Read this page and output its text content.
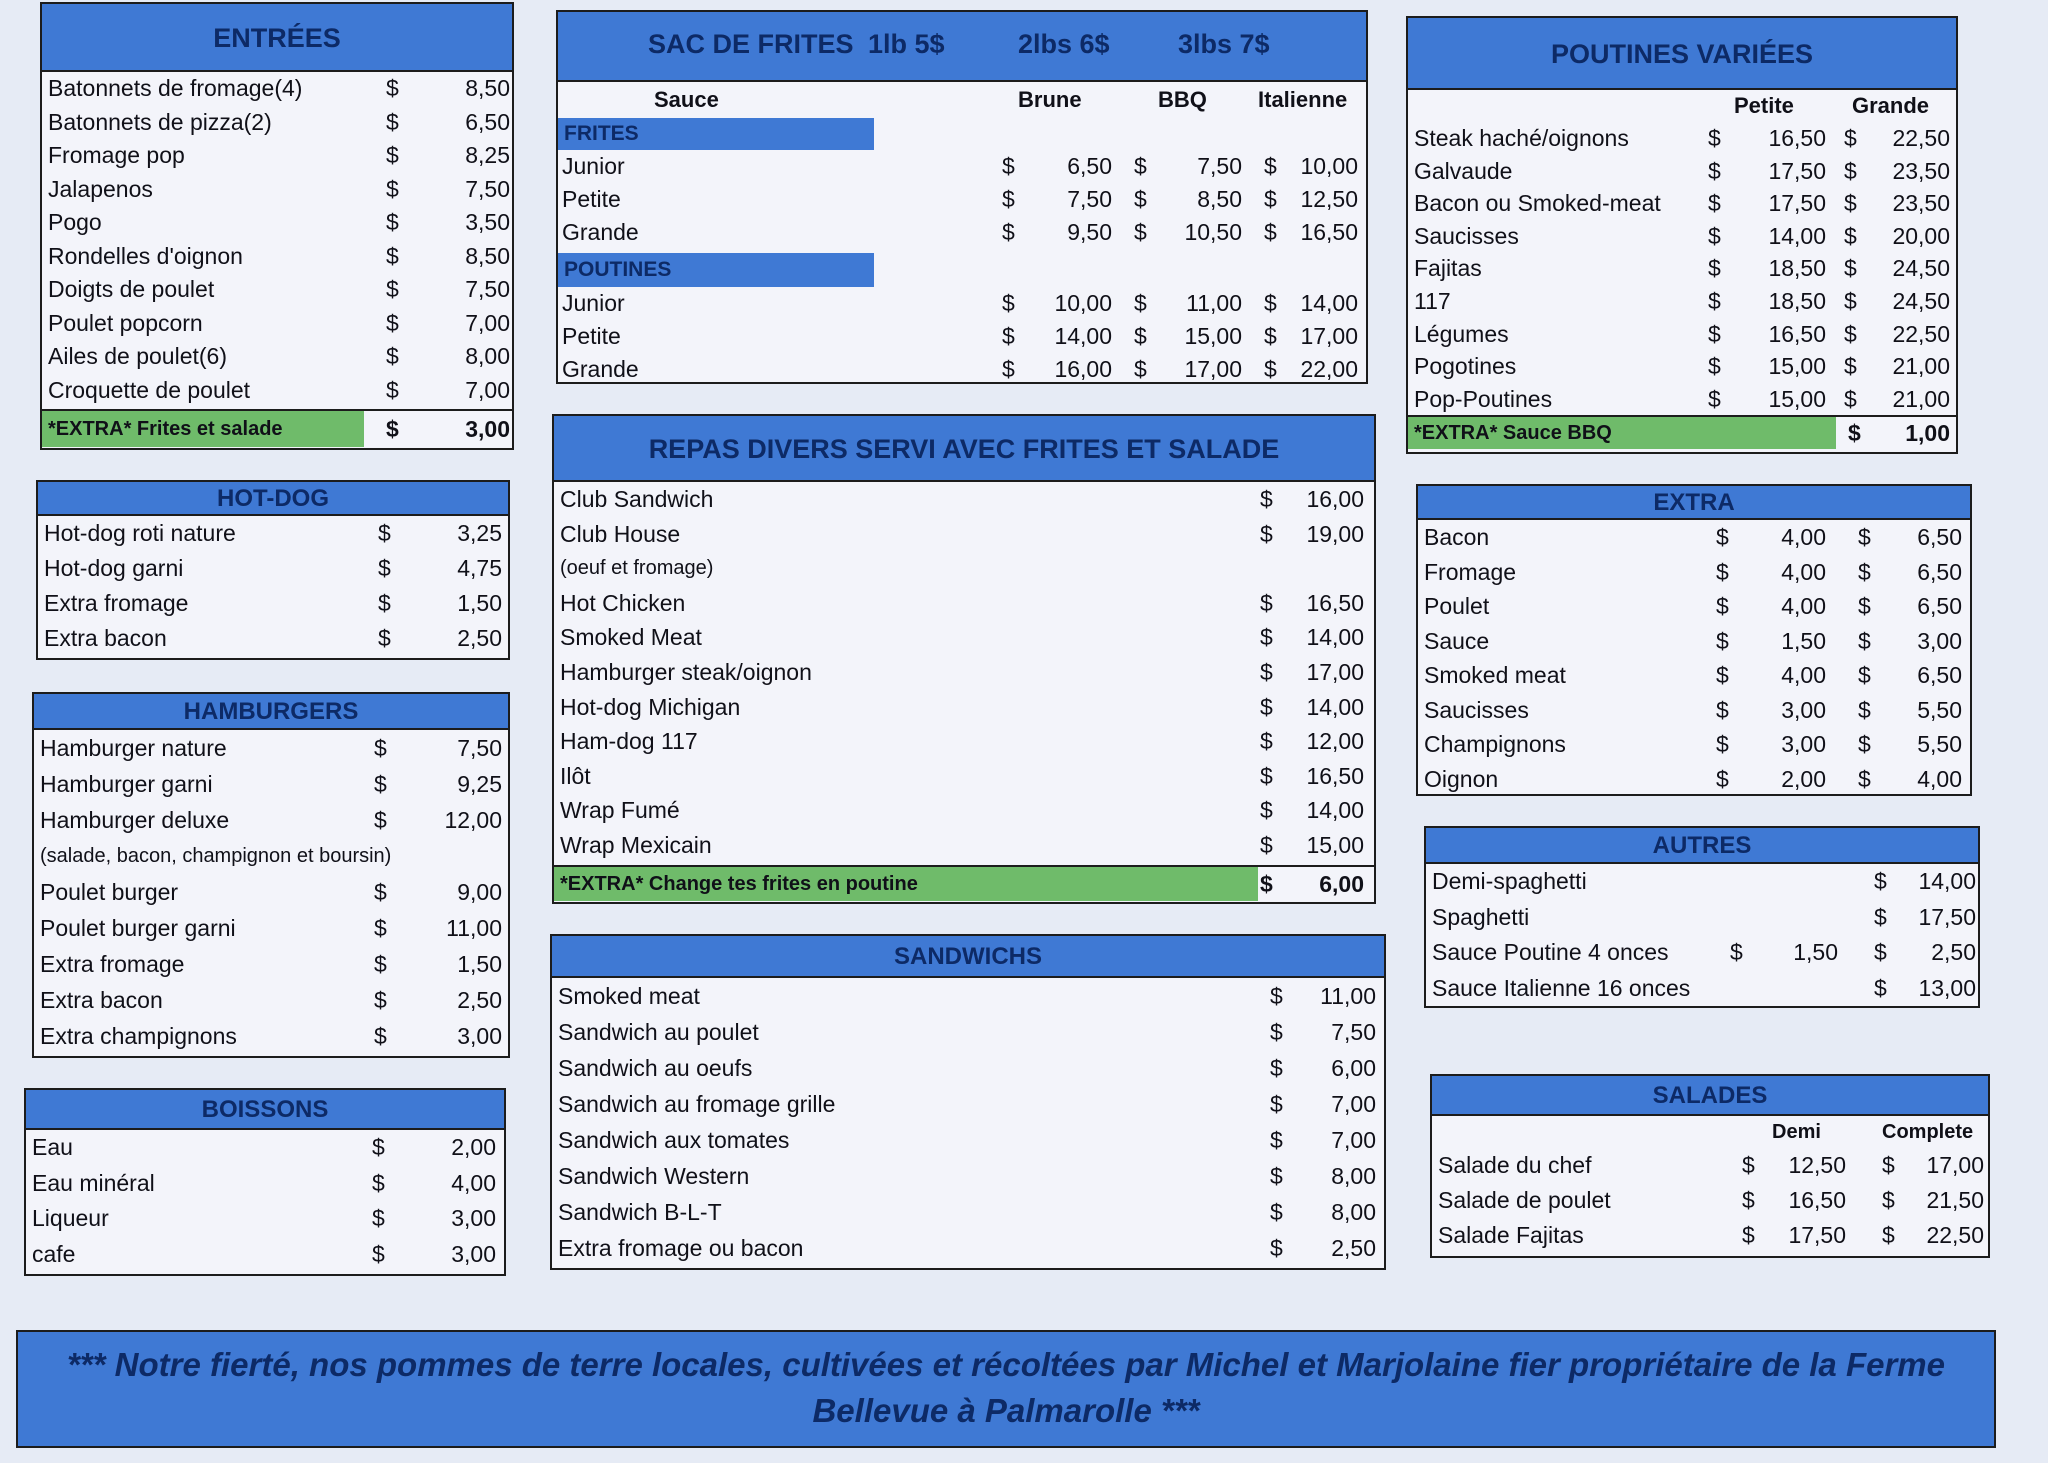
ENTRÉES
Batonnets de fromage(4)	$	8,50
Batonnets de pizza(2)	$	6,50
Fromage pop	$	8,25
Jalapenos	$	7,50
Pogo	$	3,50
Rondelles d'oignon	$	8,50
Doigts de poulet	$	7,50
Poulet popcorn	$	7,00
Ailes de poulet(6)	$	8,00
Croquette de poulet	$	7,00
*EXTRA* Frites et salade	$	3,00
HOT-DOG
Hot-dog roti nature	$	3,25
Hot-dog garni	$	4,75
Extra fromage	$	1,50
Extra bacon	$	2,50
HAMBURGERS
Hamburger nature	$	7,50
Hamburger garni	$	9,25
Hamburger deluxe	$	12,00
(salade, bacon, champignon et boursin)
Poulet burger	$	9,00
Poulet burger garni	$	11,00
Extra fromage	$	1,50
Extra bacon	$	2,50
Extra champignons	$	3,00
BOISSONS
Eau	$	2,00
Eau minéral	$	4,00
Liqueur	$	3,00
cafe	$	3,00
SAC DE FRITES 1lb 5$	2lbs 6$	3lbs 7$
Sauce	Brune	BBQ Italienne
FRITES
Junior	$	6,50 $	7,50 $	10,00
Petite	$	7,50 $	8,50 $	12,50
Grande	$	9,50 $	10,50 $	16,50
POUTINES
Junior	$	10,00 $	11,00 $	14,00
Petite	$	14,00 $	15,00 $	17,00
Grande	$	16,00 $	17,00 $	22,00
REPAS DIVERS SERVI AVEC FRITES ET SALADE
Club Sandwich	$	16,00
Club House	$	19,00
(oeuf et fromage)
Hot Chicken	$	16,50
Smoked Meat	$	14,00
Hamburger steak/oignon	$	17,00
Hot-dog Michigan	$	14,00
Ham-dog 117	$	12,00
Ilôt	$	16,50
Wrap Fumé	$	14,00
Wrap Mexicain	$	15,00
*EXTRA* Change tes frites en poutine	$	6,00
SANDWICHS
Smoked meat	$	11,00
Sandwich au poulet	$	7,50
Sandwich au oeufs	$	6,00
Sandwich au fromage grille	$	7,00
Sandwich aux tomates	$	7,00
Sandwich Western	$	8,00
Sandwich B-L-T	$	8,00
Extra fromage ou bacon	$	2,50
POUTINES VARIÉES
Petite	Grande
Steak haché/oignons	$	16,50 $	22,50
Galvaude	$	17,50 $	23,50
Bacon ou Smoked-meat $	17,50 $	23,50
Saucisses	$	14,00 $	20,00
Fajitas	$	18,50 $	24,50
117	$	18,50 $	24,50
Légumes	$	16,50 $	22,50
Pogotines	$	15,00 $	21,00
Pop-Poutines	$	15,00 $	21,00
*EXTRA* Sauce BBQ	$	1,00
EXTRA
Bacon	$	4,00 $	6,50
Fromage	$	4,00 $	6,50
Poulet	$	4,00 $	6,50
Sauce	$	1,50 $	3,00
Smoked meat	$	4,00 $	6,50
Saucisses	$	3,00 $	5,50
Champignons	$	3,00 $	5,50
Oignon	$	2,00 $	4,00
AUTRES
Demi-spaghetti	$	14,00
Spaghetti	$	17,50
Sauce Poutine 4 onces	$	1,50 $	2,50
Sauce Italienne 16 onces	$	13,00
SALADES
Demi	Complete
Salade du chef	$	12,50 $	17,00
Salade de poulet	$	16,50 $	21,50
Salade Fajitas	$	17,50 $	22,50
*** Notre fierté, nos pommes de terre locales, cultivées et récoltées par Michel et Marjolaine fier propriétaire de la Ferme
Bellevue à Palmarolle ***
